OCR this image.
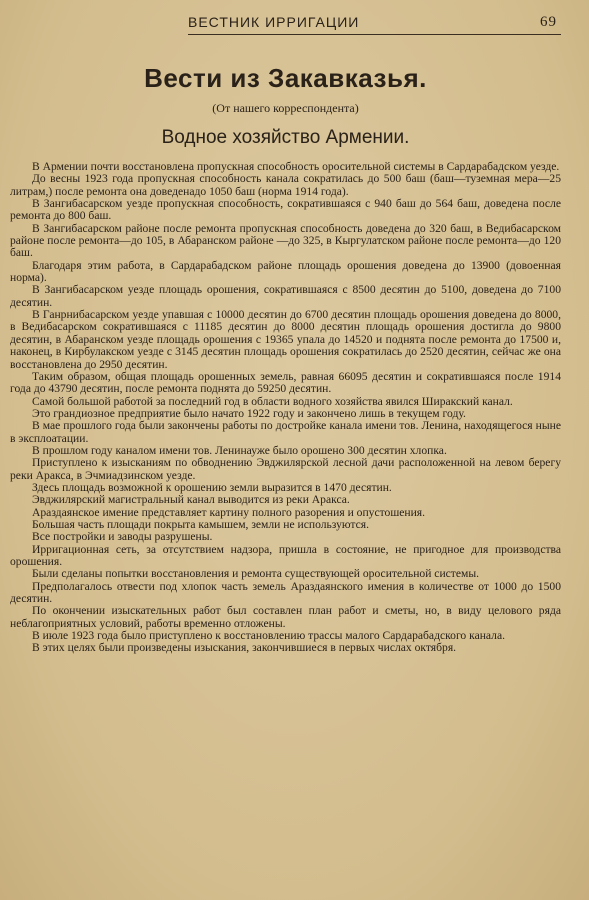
ВЕСТНИК ИРРИГАЦИИ	69
Вести из Закавказья.
(От нашего корреспондента)
Водное хозяйство Армении.

В Армении почти восстановлена пропускная способность оросительной системы в Сардарабадском уезде.

До весны 1923 года пропускная способность канала сократилась до 500 баш (баш—туземная мера—25 литрам,) после ремонта она доведенадо 1050 баш (норма 1914 года).

В Зангибасарском уезде пропускная способность, сократившаяся с 940 баш до 564 баш, доведена после ремонта до 800 баш.

В Зангибасарском районе после ремонта пропускная способность доведена до 320 баш, в Ведибасарском районе после ремонта—до 105, в Абаранском районе —до 325, в Кыргулатском районе после ремонта—до 120 баш.

Благодаря этим работа, в Сардарабадском районе площадь орошения доведена до 13900 (довоенная норма).

В Зангибасарском уезде площадь орошения, сократившаяся с 8500 десятин до 5100, доведена до 7100 десятин.

В Ганрнибасарском уезде упавшая с 10000 десятин до 6700 десятин площадь орошения доведена до 8000, в Ведибасарском сократившаяся с 11185 десятин до 8000 десятин площадь орошения достигла до 9800 десятин, в Абаранском уезде площадь орошения с 19365 упала до 14520 и поднята после ремонта до 17500 и, наконец, в Кирбулакском уезде с 3145 десятин площадь орошения сократилась до 2520 десятин, сейчас же она восстановлена до 2950 десятин.

Таким образом, общая площадь орошенных земель, равная 66095 десятин и сократившаяся после 1914 года до 43790 десятин, после ремонта поднята до 59250 десятин.

Самой большой работой за последний год в области водного хозяйства явился Ширакский канал.

Это грандиозное предприятие было начато 1922 году и закончено лишь в текущем году.

В мае прошлого года были закончены работы по достройке канала имени тов. Ленина, находящегося ныне в эксплоатации.

В прошлом году каналом имени тов. Ленинауже было орошено 300 десятин хлопка.

Приступлено к изысканиям по обводнению Эвджилярской лесной дачи расположенной на левом берегу реки Аракса, в Эчмиадзинском уезде.

Здесь площадь возможной к орошению земли выразится в 1470 десятин.

Эвджилярский магистральный канал выводится из реки Аракса.

Араздаянское имение представляет картину полного разорения и опустошения.

Большая часть площади покрыта камышем, земли не используются.

Все постройки и заводы разрушены.

Ирригационная сеть, за отсутствием надзора, пришла в состояние, не пригодное для производства орошения.

Были сделаны попытки восстановления и ремонта существующей оросительной системы.

Предполагалось отвести под хлопок часть земель Араздаянского имения в количестве от 1000 до 1500 десятин.

По окончении изыскательных работ был составлен план работ и сметы, но, в виду целового ряда неблагоприятных условий, работы временно отложены.

В июле 1923 года было приступлено к восстановлению трассы малого Сардарабадского канала.

В этих целях были произведены изыскания, закончившиеся в первых числах октября.
